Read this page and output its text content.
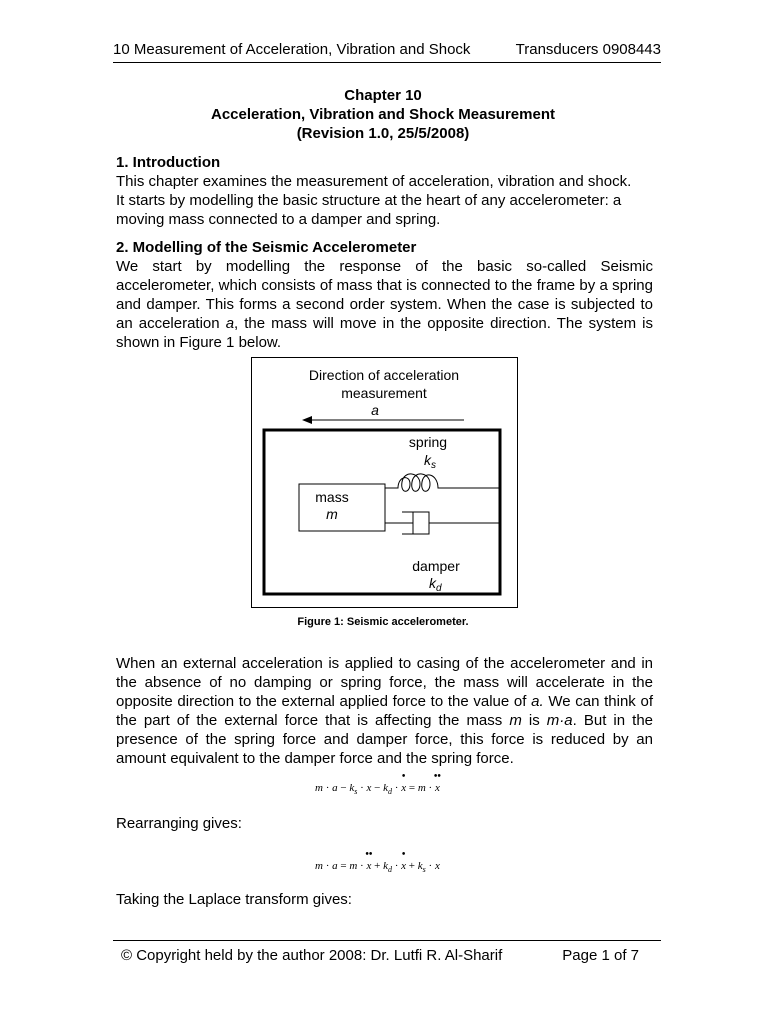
10 Measurement of Acceleration, Vibration and Shock	Transducers 0908443
Chapter 10
Acceleration, Vibration and Shock Measurement
(Revision 1.0, 25/5/2008)
1. Introduction
This chapter examines the measurement of acceleration, vibration and shock.
It starts by modelling the basic structure at the heart of any accelerometer: a
moving mass connected to a damper and spring.
2. Modelling of the Seismic Accelerometer
We start by modelling the response of the basic so-called Seismic accelerometer, which consists of mass that is connected to the frame by a spring and damper. This forms a second order system. When the case is subjected to an acceleration a, the mass will move in the opposite direction. The system is shown in Figure 1 below.
Direction of acceleration
measurement
a
spring
$k_s$
mass
m
damper
$k_d$
Figure 1: Seismic accelerometer.
When an external acceleration is applied to casing of the accelerometer and in the absence of no damping or spring force, the mass will accelerate in the opposite direction to the external applied force to the value of a. We can think of the part of the external force that is affecting the mass m is m·a. But in the presence of the spring force and damper force, this force is reduced by an amount equivalent to the damper force and the spring force.
$m \cdot a - k_s \cdot x - k_d$ ·
•
x = m ·
••
x
Rearranging gives:
m · a = m ·
••
$x + k_d$ ·
•
$x + k_s \cdot x$
Taking the Laplace transform gives:
© Copyright held by the author 2008: Dr. Lutfi R. Al-Sharif	Page 1 of 7
